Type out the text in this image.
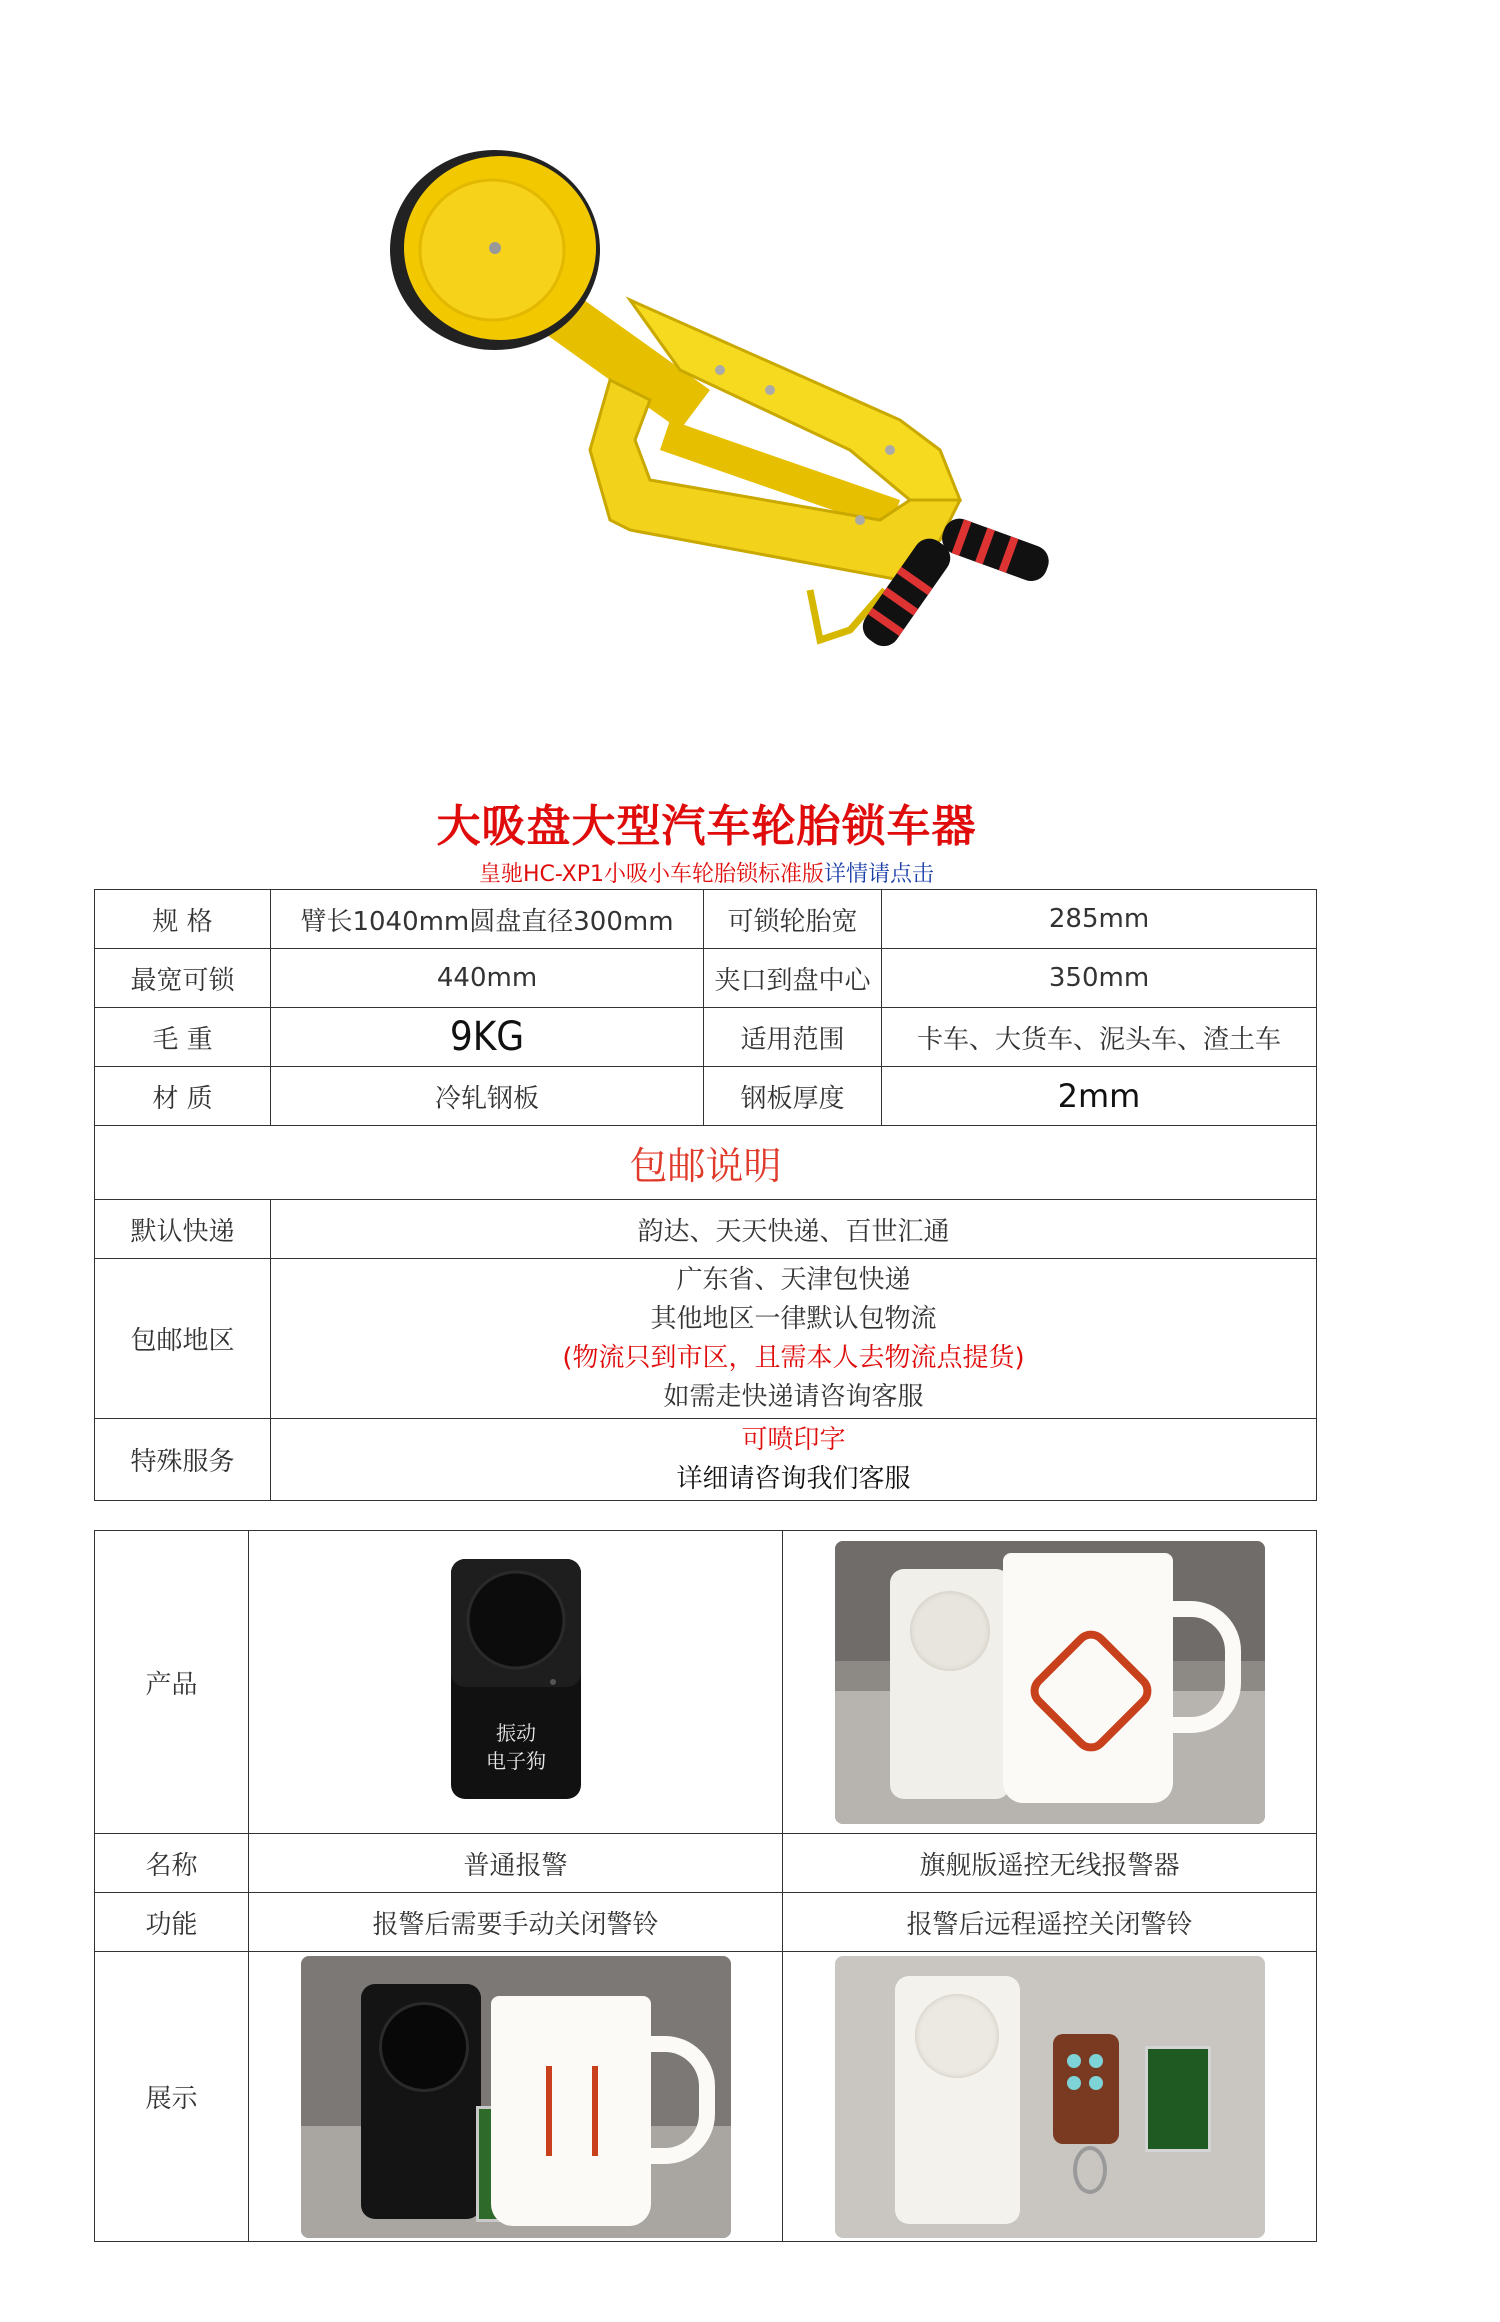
大吸盘大型汽车轮胎锁车器
皇驰HC-XP1小吸小车轮胎锁标准版详情请点击
规 格	臂长1040mm圆盘直径300mm	可锁轮胎宽	285mm
最宽可锁	440mm	夹口到盘中心	350mm
毛 重	9KG	适用范围	卡车、大货车、泥头车、渣土车
材 质	冷轧钢板	钢板厚度	2mm
包邮说明			
默认快递	韵达、天天快递、百世汇通		
包邮地区	广东省、天津包快递
其他地区一律默认包物流
(物流只到市区，且需本人去物流点提货)
如需走快递请咨询客服		

特殊服务	可喷印字
详细请咨询我们客服		
产品	振动
电子狗	

名称	普通报警	旗舰版遥控无线报警器
功能	报警后需要手动关闭警铃	报警后远程遥控关闭警铃
展示	
